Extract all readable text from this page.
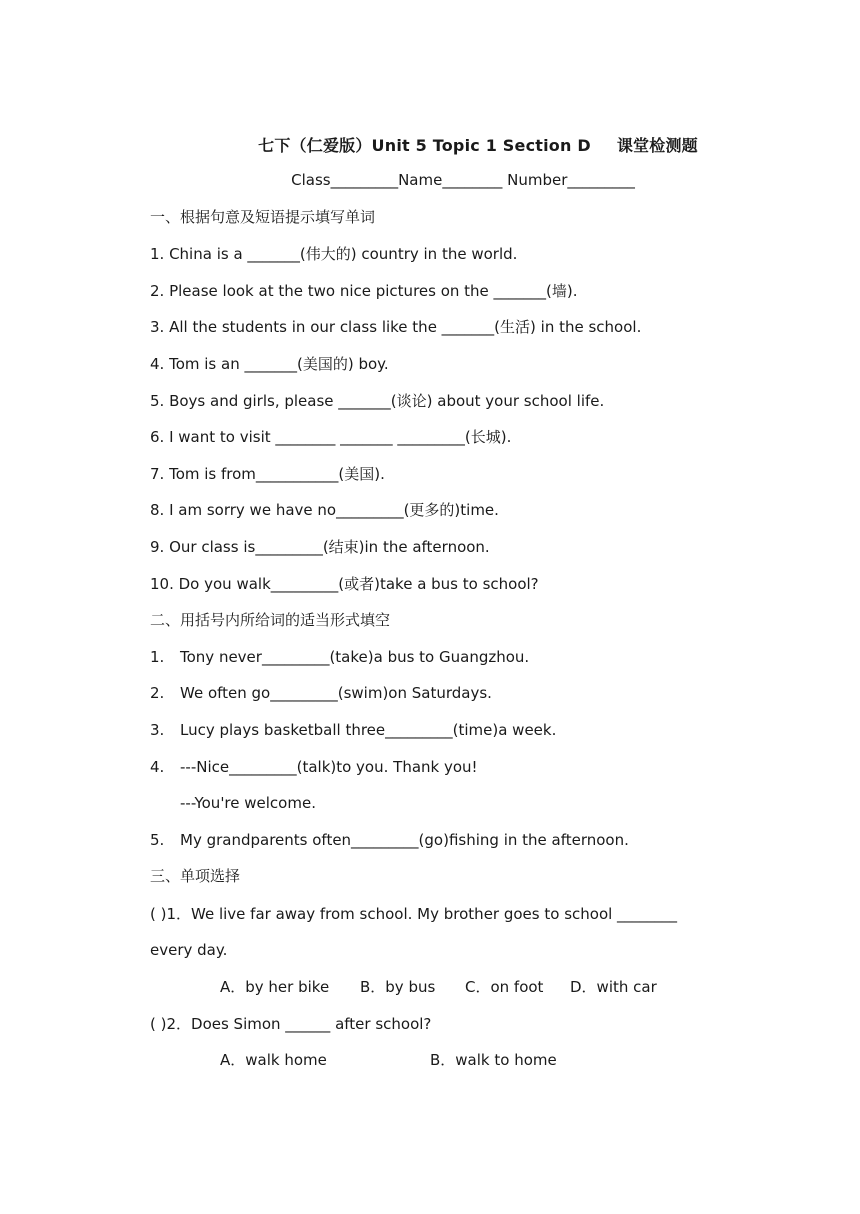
七下（仁爱版）Unit 5 Topic 1 Section D 课堂检测题
Class_________Name________ Number_________
一、根据句意及短语提示填写单词
1. China is a _______(伟大的) country in the world.
2. Please look at the two nice pictures on the _______(墙).
3. All the students in our class like the _______(生活) in the school.
4. Tom is an _______(美国的) boy.
5. Boys and girls, please _______(谈论) about your school life.
6. I want to visit ________ _______ _________(长城).
7. Tom is from___________(美国).
8. I am sorry we have no_________(更多的)time.
9. Our class is_________(结束)in the afternoon.
10. Do you walk_________(或者)take a bus to school?
二、用括号内所给词的适当形式填空
1. Tony never_________(take)a bus to Guangzhou.
2. We often go_________(swim)on Saturdays.
3. Lucy plays basketball three_________(time)a week.
4. ---Nice_________(talk)to you. Thank you!
---You're welcome.
5. My grandparents often_________(go)fishing in the afternoon.
三、单项选择
( )1．We live far away from school. My brother goes to school ________
every day.
A．by her bike B．by bus C．on foot D．with car
( )2．Does Simon ______ after school?
A．walk home	B．walk to home
